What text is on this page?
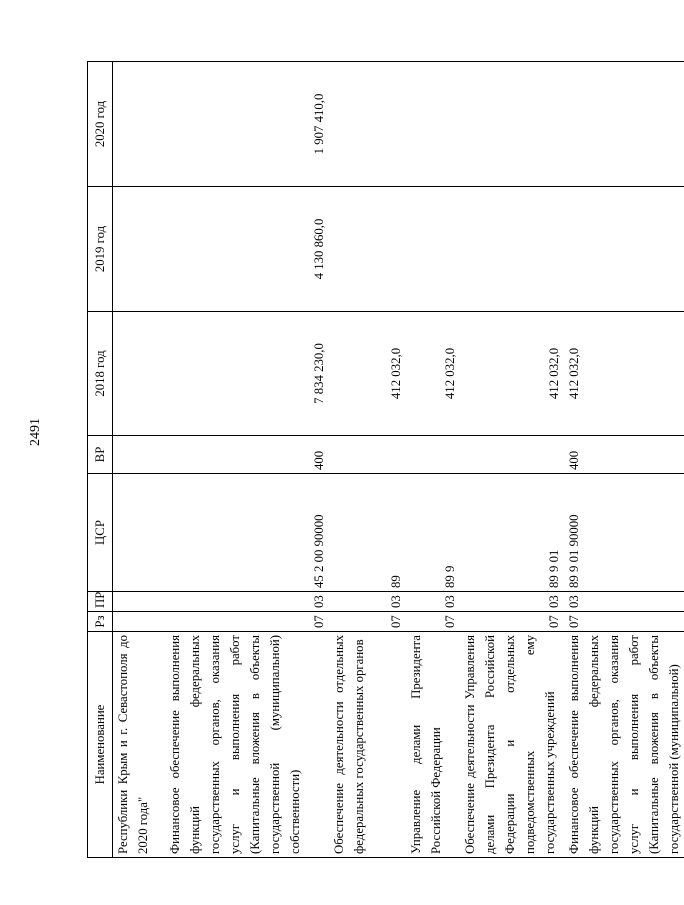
2491
Наименование	Рз	ПР	ЦСР	ВР	2018 год	2019 год	2020 год
Республики Крым и г. Севастополя до 2020 года"							
Финансовое обеспечение выполнения функций федеральных государственных органов, оказания услуг и выполнения работ (Капитальные вложения в объекты государственной (муниципальной) собственности)	07	03	45 2 00 90000	400	7 834 230,0	4 130 860,0	1 907 410,0
Обеспечение деятельности отдельных федеральных государственных органов	07	03	89		412 032,0		
Управление делами Президента Российской Федерации	07	03	89 9		412 032,0		
Обеспечение деятельности Управления делами Президента Российской Федерации и отдельных подведомственных ему государственных учреждений	07	03	89 9 01		412 032,0		
Финансовое обеспечение выполнения функций федеральных государственных органов, оказания услуг и выполнения работ (Капитальные вложения в объекты государственной (муниципальной)	07	03	89 9 01 90000	400	412 032,0		
